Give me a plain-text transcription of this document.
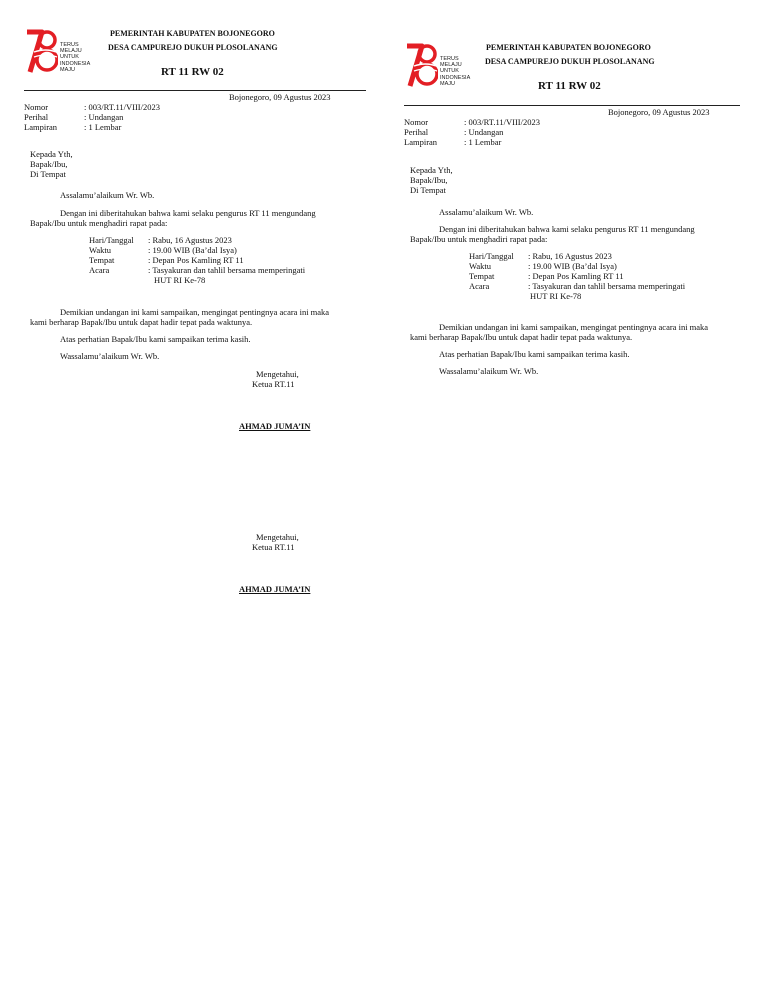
TERUS
MELAJU
UNTUK
INDONESIA
MAJU
PEMERINTAH KABUPATEN BOJONEGORO
DESA CAMPUREJO DUKUH PLOSOLANANG
RT 11 RW 02
Bojonegoro, 09 Agustus 2023
Nomor	: 003/RT.11/VIII/2023
Perihal	: Undangan
Lampiran	: 1 Lembar
Kepada Yth,
Bapak/Ibu,
Di Tempat
Assalamu’alaikum Wr. Wb.
Dengan ini diberitahukan bahwa kami selaku pengurus RT 11 mengundang
Bapak/Ibu untuk menghadiri rapat pada:
Hari/Tanggal : Rabu, 16 Agustus 2023
Waktu	: 19.00 WIB (Ba’dal Isya)
Tempat	: Depan Pos Kamling RT 11
Acara	: Tasyakuran dan tahlil bersama memperingati
HUT RI Ke-78
Demikian undangan ini kami sampaikan, mengingat pentingnya acara ini maka
kami berharap Bapak/Ibu untuk dapat hadir tepat pada waktunya.
Atas perhatian Bapak/Ibu kami sampaikan terima kasih.
Wassalamu’alaikum Wr. Wb.
Mengetahui,
Ketua RT.11
AHMAD JUMA’IN
Mengetahui,
Ketua RT.11
AHMAD JUMA’IN
TERUS
MELAJU
UNTUK
INDONESIA
MAJU
PEMERINTAH KABUPATEN BOJONEGORO
DESA CAMPUREJO DUKUH PLOSOLANANG
RT 11 RW 02
Bojonegoro, 09 Agustus 2023
Nomor	: 003/RT.11/VIII/2023
Perihal	: Undangan
Lampiran	: 1 Lembar
Kepada Yth,
Bapak/Ibu,
Di Tempat
Assalamu’alaikum Wr. Wb.
Dengan ini diberitahukan bahwa kami selaku pengurus RT 11 mengundang
Bapak/Ibu untuk menghadiri rapat pada:
Hari/Tanggal : Rabu, 16 Agustus 2023
Waktu	: 19.00 WIB (Ba’dal Isya)
Tempat	: Depan Pos Kamling RT 11
Acara	: Tasyakuran dan tahlil bersama memperingati
HUT RI Ke-78
Demikian undangan ini kami sampaikan, mengingat pentingnya acara ini maka
kami berharap Bapak/Ibu untuk dapat hadir tepat pada waktunya.
Atas perhatian Bapak/Ibu kami sampaikan terima kasih.
Wassalamu’alaikum Wr. Wb.
